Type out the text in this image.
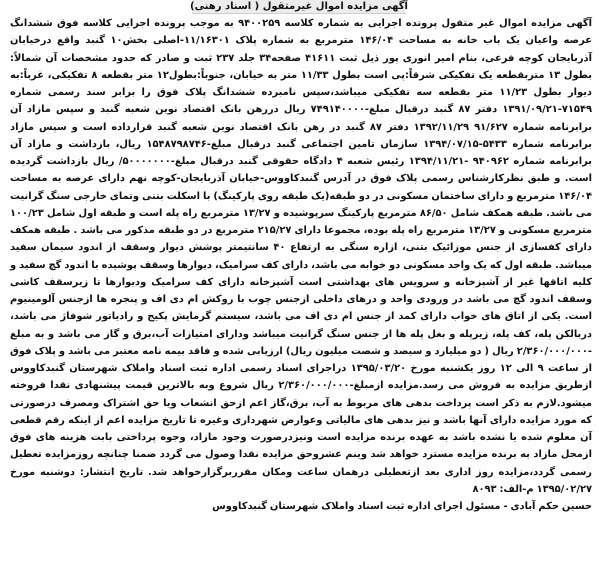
آگهی مزایده اموال غیرمتقول ( اسناد رهنی)

آگهی مزایده اموال غیر متقول پرونده اجرایی به شماره کلاسه ۹۴۰۰۲۵۹ به موجب پرونده اجرایی کلاسه فوق ششدانگ عرصه واعیان یک باب خانه به مساحت ۱۴۶/۰۴ مترمربع به شماره پلاک ۱۱/۱۶۳۰۱-اصلی بخش۱۰ گنبد واقع درخیابان آذربایجان کوچه فرعی، بنام امیر انوری پور ذیل ثبت ۴۱۶۱۱ صفحه۳۴ جلد ۲۳۷ ثبت و صادر که حدود مشخصات آن شمالاً: بطول ۱۳ متربقطعه یک تفکیکی شرقاً:پی است بطول ۱۱/۳۳ متر به خیابان، جنوباً:بطول۱۲ متر بقطعه ۸ تفکیکی، غرباً:به دیوار بطول ۱۱/۲۳ متر بقطعه سه تفکیکی میباشد،سپس نامبرده ششدانگ پلاک فوق را برابر سند رسمی شماره ۷۱۵۴۹-۱۳۹۱/۰۹/۲۱ دفتر ۸۷ گنبد درقبال مبلغ-۷۴۹۱۴۰۰۰۰ ریال دررهن بانک اقتصاد نوین شعبه گنبد و سپس مازاد آن برابرنامه شماره ۹۱/۶۲۷ ۱۳۹۲/۱۱/۲۹ دفتر ۸۷ گنبد در رهن بانک اقتصاد نوین شعبه گنبد قرارداده است و سپس مازاد برابرنامه شماره ۵۴۳۳-۱۳۹۴/۰۷/۱۵ سازمان تامین اجتماعی گنبد درقبال مبلغ-۱۵۴۸۷۹۸۷۴۶ ریال، بازداشت و مازاد آن برابرنامه شماره ۹۴۰۹۶۲ -۱۳۹۴/۱۱/۲۱ رئیس شعبه ۴ دادگاه حقوقی گنبد درقبال مبلغ-۵۰۰۰۰۰۰۰/ ریال بازداشت گردیده است. و طبق نظرکارشناس رسمی پلاک فوق در آدرس گنبدکاووس-خیابان آذربایجان-کوچه نهم دارای عرصه به مساحت ۱۴۶/۰۴ مترمربع و دارای ساختمان مسکونی در دو طبقه(یک طبقه روی پارکینگ) با اسکلت بتنی وتمای خارجی سنگ گرانیت می باشد. طبقه همکف شامل ۸۶/۵۰ مترمربع پارکینگ سرپوشیده و ۱۳/۲۷ مترمربع راه پله است و طبقه اول شامل ۱۰۰/۲۳ مترمربع مسکونی و ۱۳/۲۷ مترمربع راه پله بوده، مجموعا دارای ۲۱۵/۲۷ مترمربع در دو طبقه مذکور می باشد . طبقه همکف دارای کفسازی از جنس موزائیک بتنی، ازاره سنگی به ارتفاع ۴۰ سانتیمتر پوشش دیوار وسقف از اندود سیمان سفید میباشد. طبقه اول که یک واحد مسکونی دو خوابه می باشد، دارای کف سرامیک، دیوارها وسقف پوشیده با اندود گچ سفید و کلیه اتاقها غیر از آشپزخانه و سرویس های بهداشتی است آشپزخانه دارای کف سرامیک ودیوارها تا زیرسقف کاشی وسقف اندود گچ می باشد در ورودی واحد و درهای داخلی ازجنس چوب با روکش ام دی اف و پنجره ها ازجنس آلومینیوم است. یکی از اتاق های خواب دارای کمد از جنس ام دی اف می باشد، سیستم گرمایش پکیج و رادیاتور شوفاژ می باشد، دربالکن پله، کف پله، زیرپله و بغل پله ها از جنس سنگ گرانیت میباشد ودارای امتیازات آب،برق و گاز می باشد و به مبلغ -۲/۳۶۰/۰۰۰/۰۰۰ ریال ( دو میلیارد و سیصد و شصت میلیون ریال) ارزیابی شده و فاقد بیمه نامه معتبر می باشد و پلاک فوق از ساعت ۹ الی ۱۲ روز یکشنبه مورخ ۱۳۹۵/۰۳/۲۰ دراجرای اسناد رسمی اداره ثبت اسناد واملاک شهرستان گنبدکاووس ازطریق مزایده به فروش می رسد.مزایده ازمبلغ-۲/۳۶۰/۰۰۰/۰۰۰ ریال شروع وبه بالاترین قیمت پیشنهادی نقدا فروخته میشود.لازم به ذکر است پرداخت بدهی های مربوط به آب، برق،گاز اعم ازحق انشعاب ویا حق اشتراک ومصرف درصورتی که مورد مزایده دارای آنها باشد و نیز بدهی های مالیاتی وعوارض شهرداری وغیره تا تاریخ مزایده اعم از اینکه رقم قطعی آن معلوم شده یا نشده باشد به عهده برنده مزایده است ونیزدرصورت وجود مازاد، وجوه پرداختی بابت هزینه های فوق ازمحل مازاد به برنده مزایده مسترد خواهد شد وینم عشروحق مزایده نقدا وصول می گردد ضمنا چنانچه روزمزایده تعطیل رسمی گردد،مزایده روز اداری بعد ازتعطیلی درهمان ساعت ومکان مقرربرگزارخواهد شد. تاریخ انتشار: دوشنبه مورخ ۱۳۹۵/۰۲/۲۷ م-الف: ۸۰۹۳
حسین حکم آبادی - مسئول اجرای اداره ثبت اسناد واملاک شهرستان گنبدکاووس
